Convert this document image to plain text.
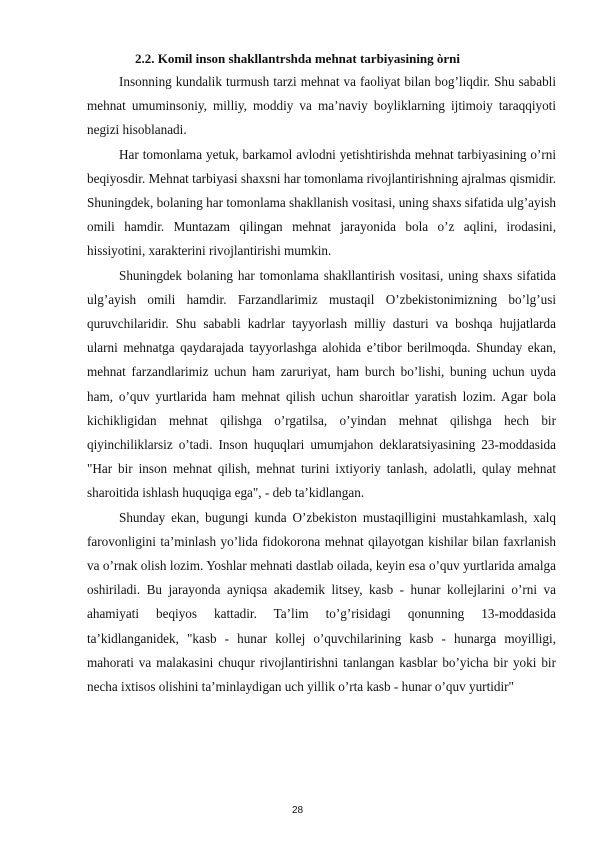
2.2. Komil inson shakllantrshda mehnat tarbiyasining òrni

Insonning kundalik turmush tarzi mehnat va faoliyat bilan bog’liqdir. Shu sababli mehnat umuminsoniy, milliy, moddiy va ma’naviy boyliklarning ijtimoiy taraqqiyoti negizi hisoblanadi.

Har tomonlama yetuk, barkamol avlodni yetishtirishda mehnat tarbiyasining o’rni beqiyosdir. Mehnat tarbiyasi shaxsni har tomonlama rivojlantirishning ajralmas qismidir. Shuningdek, bolaning har tomonlama shakllanish vositasi, uning shaxs sifatida ulg’ayish omili hamdir. Muntazam qilingan mehnat jarayonida bola o’z aqlini, irodasini, hissiyotini, xarakterini rivojlantirishi mumkin.

Shuningdek bolaning har tomonlama shakllantirish vositasi, uning shaxs sifatida ulg’ayish omili hamdir. Farzandlarimiz mustaqil O’zbekistonimizning bo’lg’usi quruvchilaridir. Shu sababli kadrlar tayyorlash milliy dasturi va boshqa hujjatlarda ularni mehnatga qaydarajada tayyorlashga alohida e’tibor berilmoqda. Shunday ekan, mehnat farzandlarimiz uchun ham zaruriyat, ham burch bo’lishi, buning uchun uyda ham, o’quv yurtlarida ham mehnat qilish uchun sharoitlar yaratish lozim. Agar bola kichikligidan mehnat qilishga o’rgatilsa, o’yindan mehnat qilishga hech bir qiyinchiliklarsiz o’tadi. Inson huquqlari umumjahon deklaratsiyasining 23-moddasida "Har bir inson mehnat qilish, mehnat turini ixtiyoriy tanlash, adolatli, qulay mehnat sharoitida ishlash huquqiga ega", - deb ta’kidlangan.

Shunday ekan, bugungi kunda O’zbekiston mustaqilligini mustahkamlash, xalq farovonligini ta’minlash yo’lida fidokorona mehnat qilayotgan kishilar bilan faxrlanish va o’rnak olish lozim. Yoshlar mehnati dastlab oilada, keyin esa o’quv yurtlarida amalga oshiriladi. Bu jarayonda ayniqsa akademik litsey, kasb - hunar kollejlarini o’rni va ahamiyati beqiyos kattadir. Ta’lim to’g’risidagi qonunning 13-moddasida ta’kidlanganidek, "kasb - hunar kollej o’quvchilarining kasb - hunarga moyilligi, mahorati va malakasini chuqur rivojlantirishni tanlangan kasblar bo’yicha bir yoki bir necha ixtisos olishini ta’minlaydigan uch yillik o’rta kasb - hunar o’quv yurtidir"

28
